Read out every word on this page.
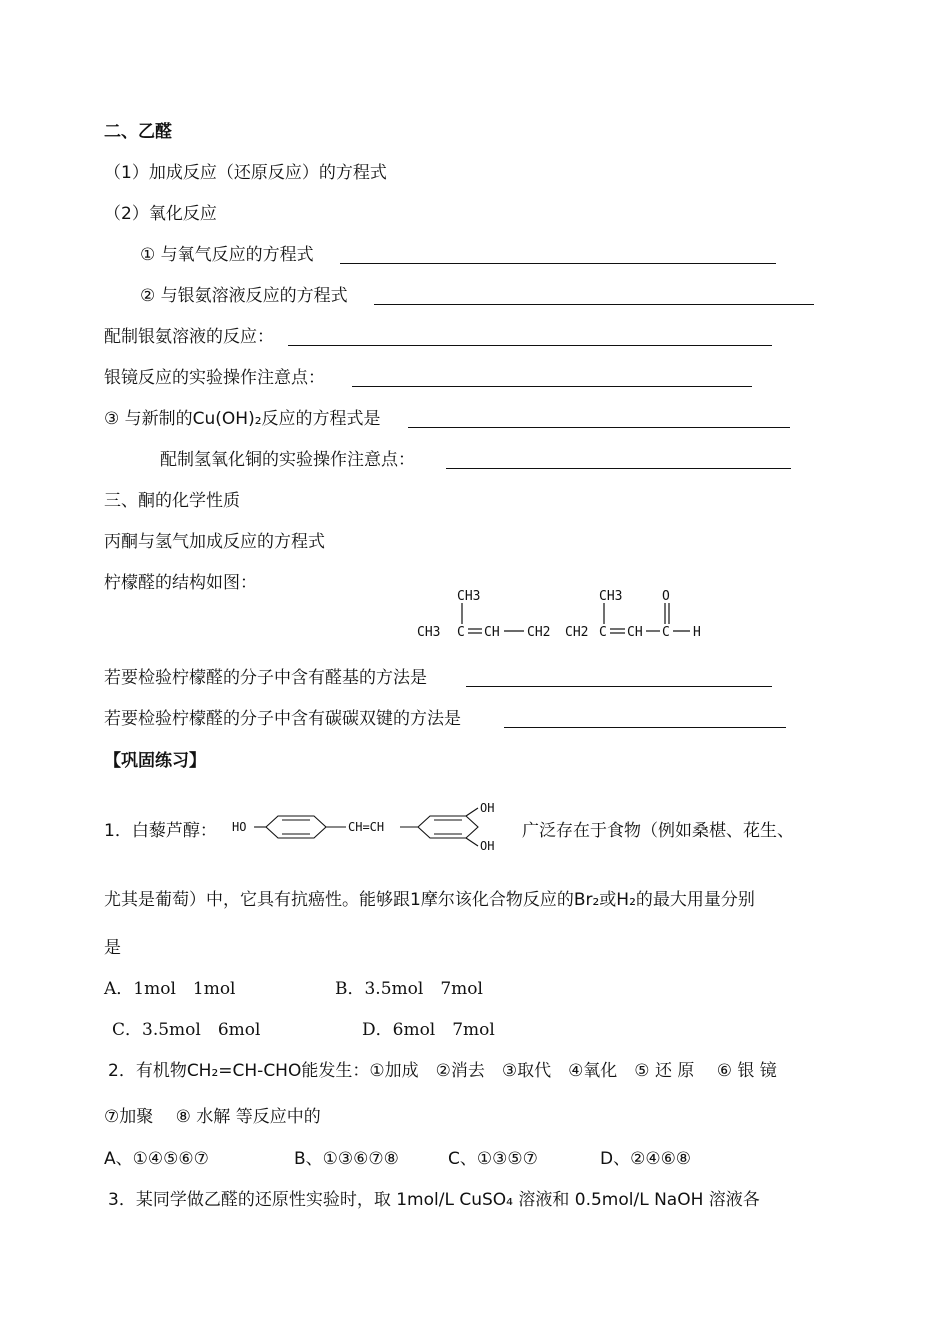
二、乙醛
（1）加成反应（还原反应）的方程式
（2）氧化反应
① 与氧气反应的方程式
② 与银氨溶液反应的方程式
配制银氨溶液的反应：
银镜反应的实验操作注意点：
③ 与新制的Cu(OH)₂反应的方程式是
配制氢氧化铜的实验操作注意点：
三、酮的化学性质
丙酮与氢气加成反应的方程式
柠檬醛的结构如图：
CH3	CH3	O
CH3 C CH CH2 CH2 C CH C H
若要检验柠檬醛的分子中含有醛基的方法是
若要检验柠檬醛的分子中含有碳碳双键的方法是
【巩固练习】
1．白藜芦醇： HO	CH=CH
OH
OH
广泛存在于食物（例如桑椹、花生、
尤其是葡萄）中，它具有抗癌性。能够跟1摩尔该化合物反应的Br₂或H₂的最大用量分别
是
A．1mol　1mol	B．3.5mol　7mol
C．3.5mol　6mol	D．6mol　7mol
2．有机物CH₂=CH-CHO能发生：①加成　②消去　③取代　④氧化　⑤ 还 原　 ⑥ 银 镜
⑦加聚　 ⑧ 水解 等反应中的
A、①④⑤⑥⑦	B、①③⑥⑦⑧	C、①③⑤⑦	D、②④⑥⑧
3．某同学做乙醛的还原性实验时，取 1mol/L CuSO₄ 溶液和 0.5mol/L NaOH 溶液各
